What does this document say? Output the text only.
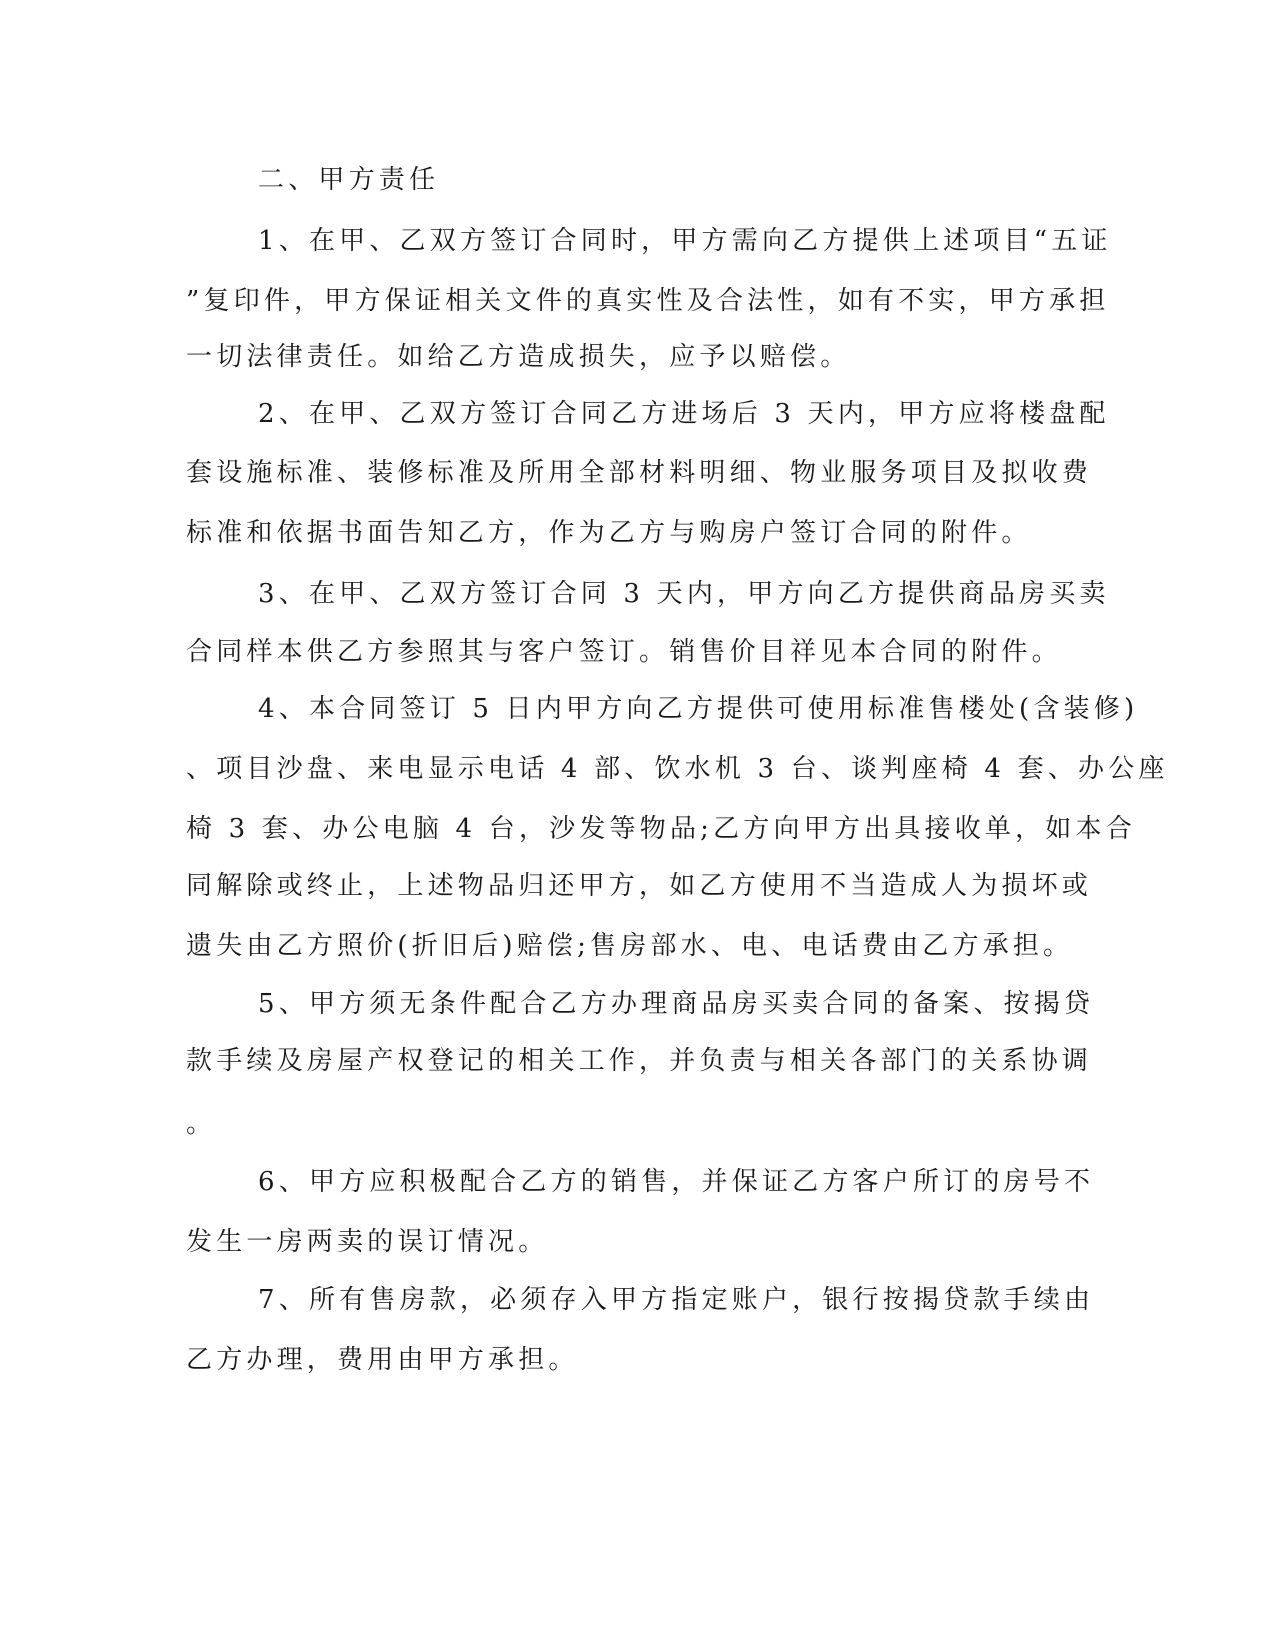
二、甲方责任
1、在甲、乙双方签订合同时，甲方需向乙方提供上述项目“五证
”复印件，甲方保证相关文件的真实性及合法性，如有不实，甲方承担
一切法律责任。如给乙方造成损失，应予以赔偿。
2、在甲、乙双方签订合同乙方进场后 3 天内，甲方应将楼盘配
套设施标准、装修标准及所用全部材料明细、物业服务项目及拟收费
标准和依据书面告知乙方，作为乙方与购房户签订合同的附件。
3、在甲、乙双方签订合同 3 天内，甲方向乙方提供商品房买卖
合同样本供乙方参照其与客户签订。销售价目祥见本合同的附件。
4、本合同签订 5 日内甲方向乙方提供可使用标准售楼处(含装修)
、项目沙盘、来电显示电话 4 部、饮水机 3 台、谈判座椅 4 套、办公座
椅 3 套、办公电脑 4 台，沙发等物品;乙方向甲方出具接收单，如本合
同解除或终止，上述物品归还甲方，如乙方使用不当造成人为损坏或
遗失由乙方照价(折旧后)赔偿;售房部水、电、电话费由乙方承担。
5、甲方须无条件配合乙方办理商品房买卖合同的备案、按揭贷
款手续及房屋产权登记的相关工作，并负责与相关各部门的关系协调
。
6、甲方应积极配合乙方的销售，并保证乙方客户所订的房号不
发生一房两卖的误订情况。
7、所有售房款，必须存入甲方指定账户，银行按揭贷款手续由
乙方办理，费用由甲方承担。
